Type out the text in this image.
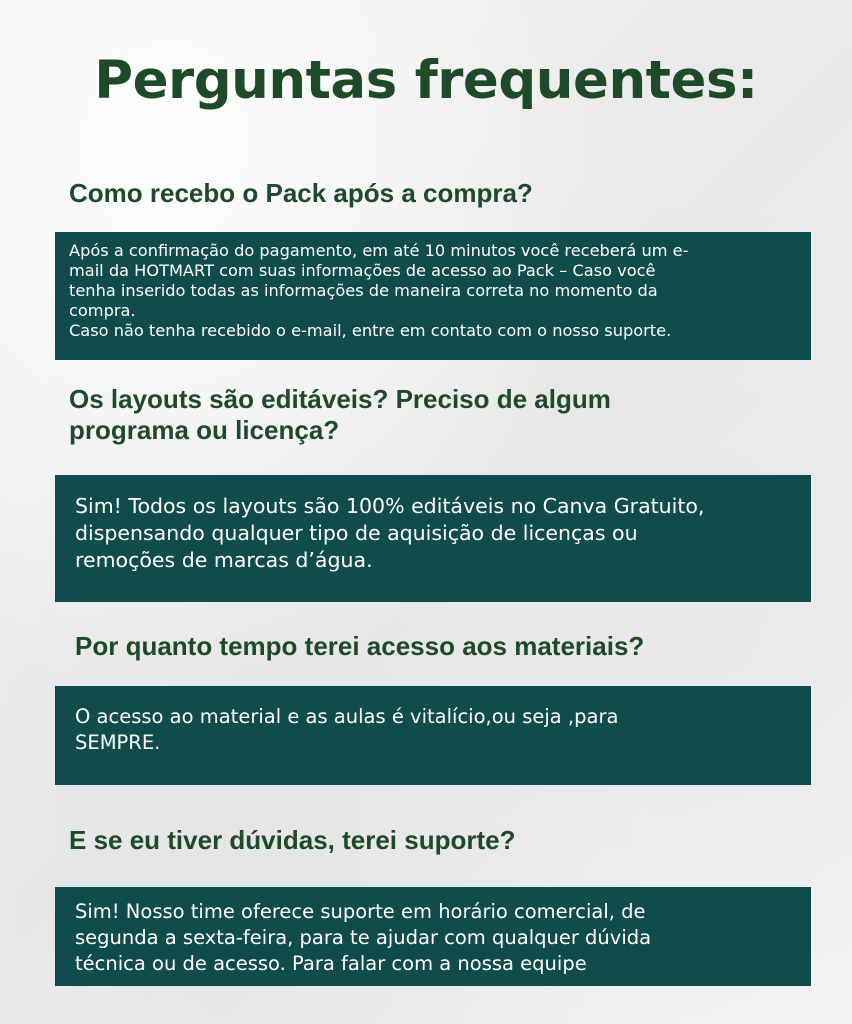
Perguntas frequentes:
Como recebo o Pack após a compra?

Após a confirmação do pagamento, em até 10 minutos você receberá um e-
mail da HOTMART com suas informações de acesso ao Pack – Caso você
tenha inserido todas as informações de maneira correta no momento da
compra.
Caso não tenha recebido o e-mail, entre em contato com o nosso suporte.

Os layouts são editáveis? Preciso de algum
programa ou licença?

Sim! Todos os layouts são 100% editáveis no Canva Gratuito,
dispensando qualquer tipo de aquisição de licenças ou
remoções de marcas d’água.

Por quanto tempo terei acesso aos materiais?

O acesso ao material e as aulas é vitalício,ou seja ,para
SEMPRE.

E se eu tiver dúvidas, terei suporte?

Sim! Nosso time oferece suporte em horário comercial, de
segunda a sexta-feira, para te ajudar com qualquer dúvida
técnica ou de acesso. Para falar com a nossa equipe
